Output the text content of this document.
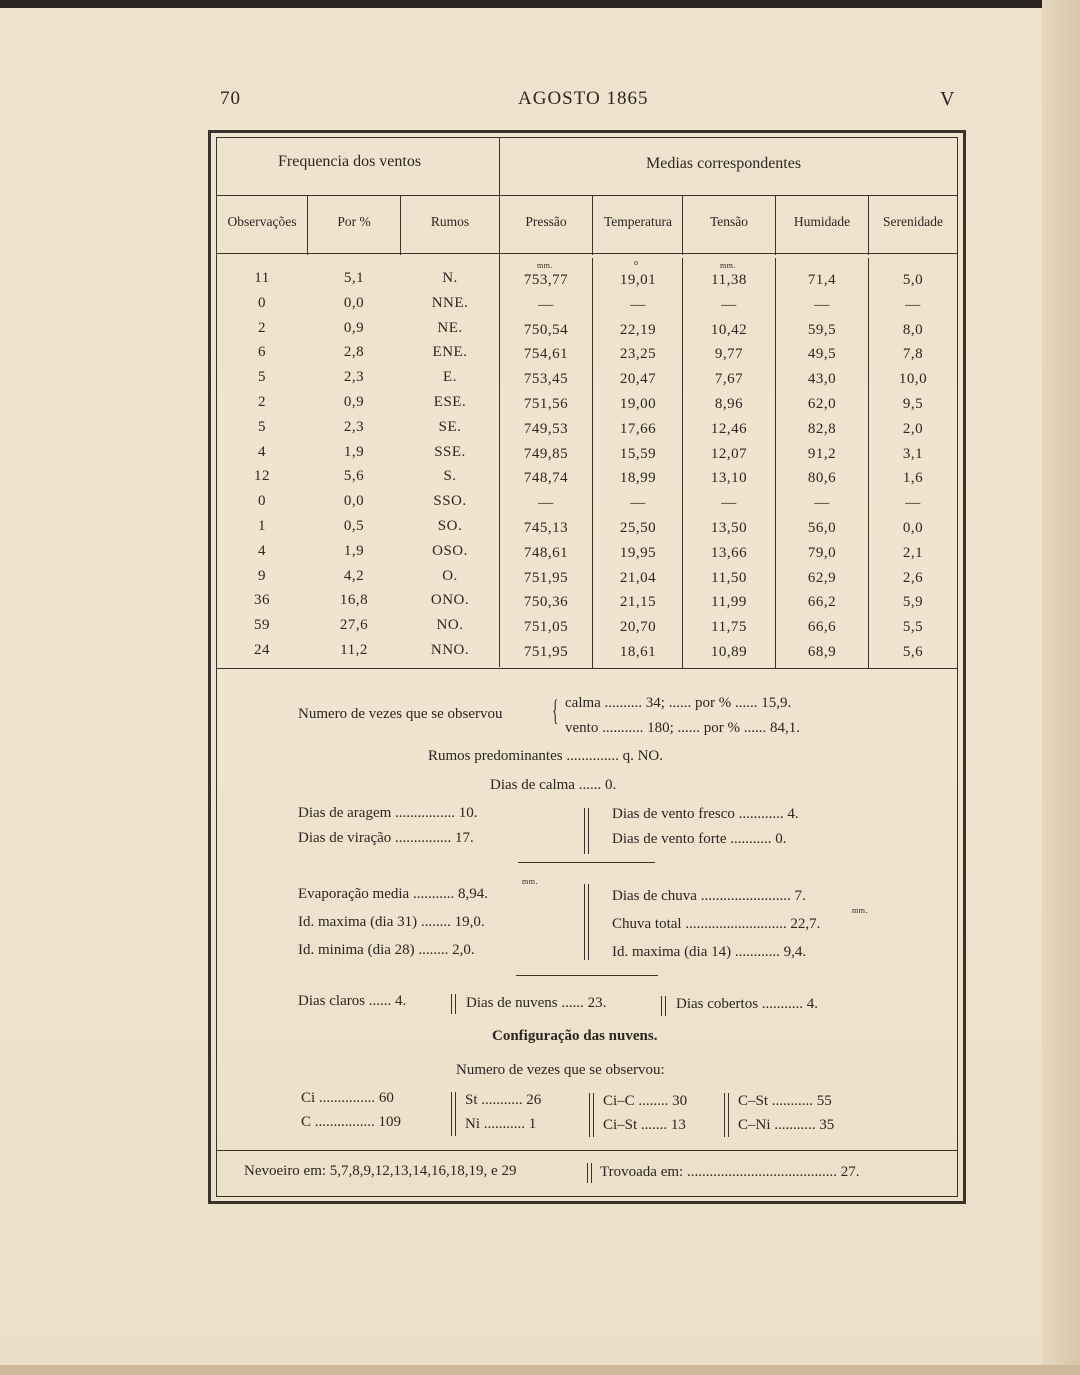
70	AGOSTO 1865	V
Frequencia dos ventos	Medias correspondentes
Observações	Por %	Rumos	Pressão	Temperatura	Tensão	Humidade	Serenidade
mm.	o	mm.
11	5,1	N.	753,77	19,01	11,38	71,4	5,0
0	0,0	NNE.	—	—	—	—	—
2	0,9	NE.	750,54	22,19	10,42	59,5	8,0
6	2,8	ENE.	754,61	23,25	9,77	49,5	7,8
5	2,3	E.	753,45	20,47	7,67	43,0	10,0
2	0,9	ESE.	751,56	19,00	8,96	62,0	9,5
5	2,3	SE.	749,53	17,66	12,46	82,8	2,0
4	1,9	SSE.	749,85	15,59	12,07	91,2	3,1
12	5,6	S.	748,74	18,99	13,10	80,6	1,6
0	0,0	SSO.	—	—	—	—	—
1	0,5	SO.	745,13	25,50	13,50	56,0	0,0
4	1,9	OSO.	748,61	19,95	13,66	79,0	2,1
9	4,2	O.	751,95	21,04	11,50	62,9	2,6
36	16,8	ONO.	750,36	21,15	11,99	66,2	5,9
59	27,6	NO.	751,05	20,70	11,75	66,6	5,5
24	11,2	NNO.	751,95	18,61	10,89	68,9	5,6
Numero de vezes que se observou { calma .......... 34; ...... por % ...... 15,9.
vento ........... 180; ...... por % ...... 84,1.
Rumos predominantes .............. q. NO.
Dias de calma ...... 0.
Dias de aragem ................ 10.
Dias de viração ............... 17.
Dias de vento fresco ............ 4.
Dias de vento forte ........... 0.
mm.
Evaporação media ........... 8,94.
Id. maxima (dia 31) ........ 19,0.
Id. minima (dia 28) ........ 2,0.
Dias de chuva ........................ 7.
mm.
Chuva total ........................... 22,7.
Id. maxima (dia 14) ............ 9,4.
Dias claros ...... 4.	Dias de nuvens ...... 23.	Dias cobertos ........... 4.
Configuração das nuvens.
Numero de vezes que se observou:
Ci ............... 60
C ................ 109
St ........... 26
Ni ........... 1
Ci–C ........ 30
Ci–St ....... 13
C–St ........... 55
C–Ni ........... 35
Nevoeiro em: 5,7,8,9,12,13,14,16,18,19, e 29	Trovoada em: ........................................ 27.
